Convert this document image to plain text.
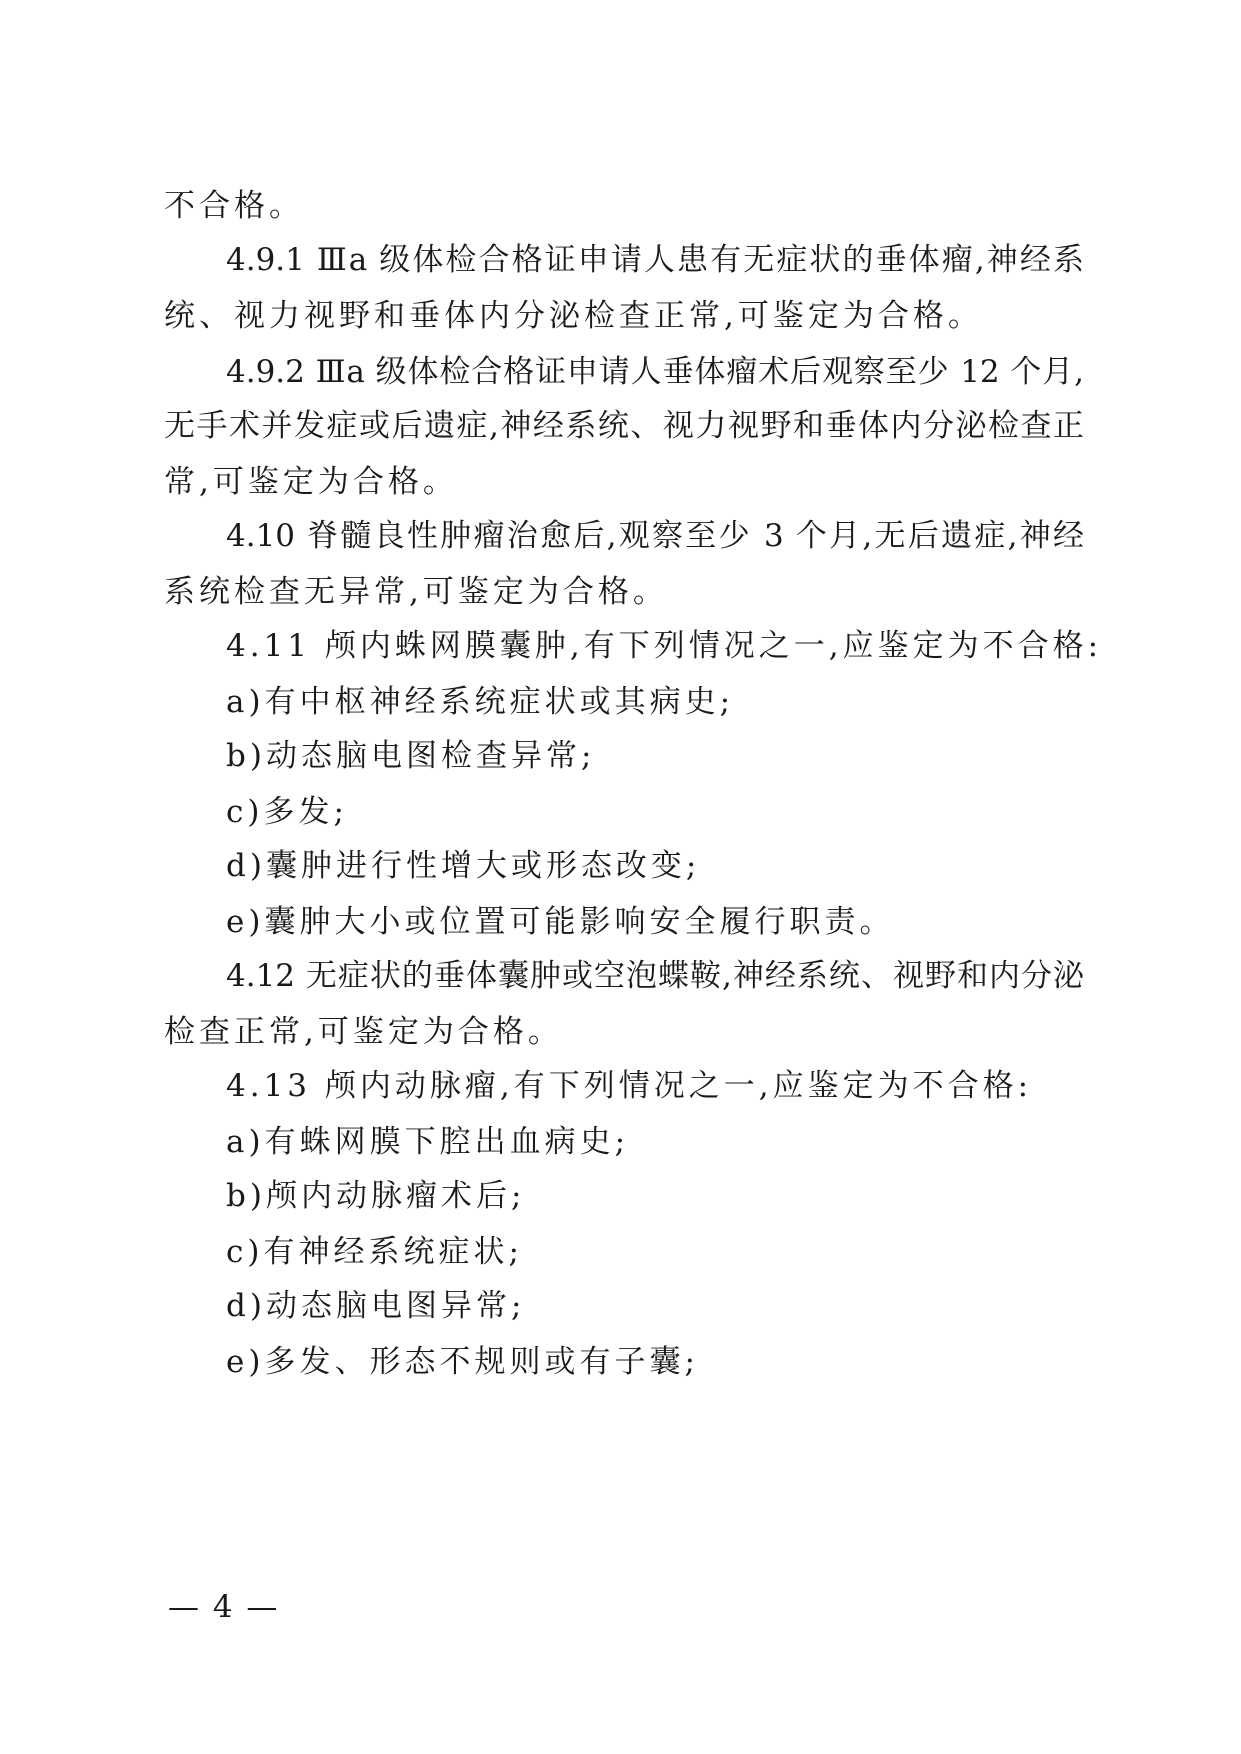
不合格。
4.9.1 Ⅲa 级体检合格证申请人患有无症状的垂体瘤,神经系
统、视力视野和垂体内分泌检查正常,可鉴定为合格。
4.9.2 Ⅲa 级体检合格证申请人垂体瘤术后观察至少 12 个月,
无手术并发症或后遗症,神经系统、视力视野和垂体内分泌检查正
常,可鉴定为合格。
4.10 脊髓良性肿瘤治愈后,观察至少 3 个月,无后遗症,神经
系统检查无异常,可鉴定为合格。
4.11 颅内蛛网膜囊肿,有下列情况之一,应鉴定为不合格:
a)有中枢神经系统症状或其病史;
b)动态脑电图检查异常;
c)多发;
d)囊肿进行性增大或形态改变;
e)囊肿大小或位置可能影响安全履行职责。
4.12 无症状的垂体囊肿或空泡蝶鞍,神经系统、视野和内分泌
检查正常,可鉴定为合格。
4.13 颅内动脉瘤,有下列情况之一,应鉴定为不合格:
a)有蛛网膜下腔出血病史;
b)颅内动脉瘤术后;
c)有神经系统症状;
d)动态脑电图异常;
e)多发、形态不规则或有子囊;
— 4 —
